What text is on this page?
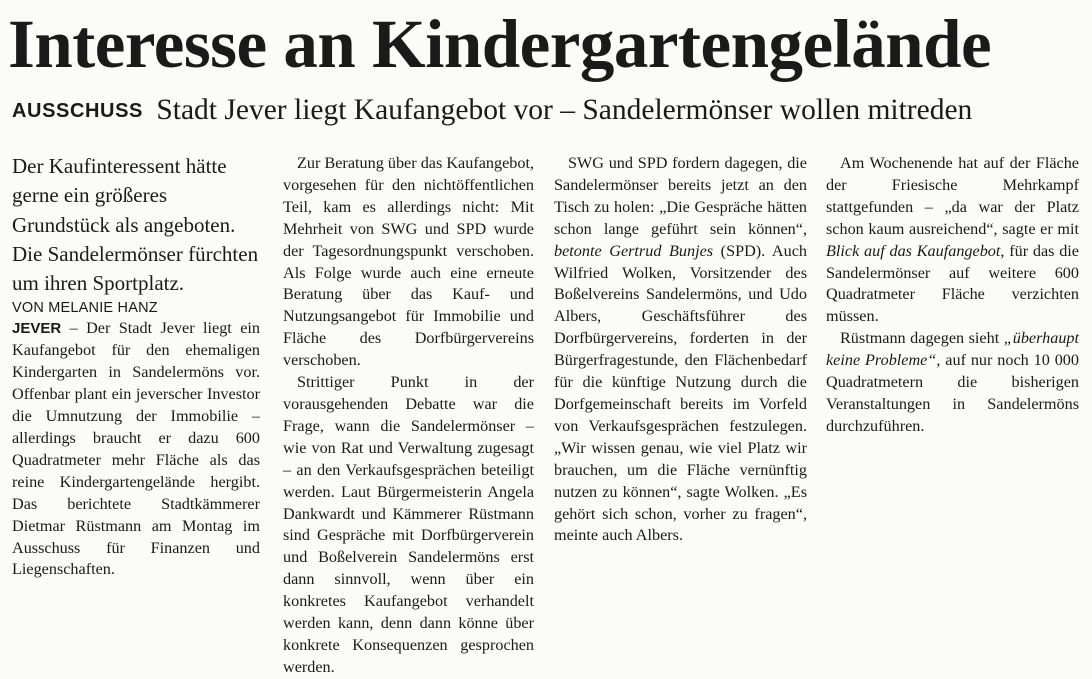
Interesse an Kindergartengelände
AUSSCHUSS Stadt Jever liegt Kaufangebot vor – Sandelermönser wollen mitreden

Der Kaufinteressent hätte gerne ein größeres Grundstück als angeboten. Die Sandelermönser fürchten um ihren Sportplatz.

VON MELANIE HANZ

JEVER – Der Stadt Jever liegt ein Kaufangebot für den ehemaligen Kindergarten in Sandelermöns vor. Offenbar plant ein jeverscher Investor die Umnutzung der Immobilie – allerdings braucht er dazu 600 Quadratmeter mehr Fläche als das reine Kindergartengelände hergibt. Das berichtete Stadtkämmerer Dietmar Rüstmann am Montag im Ausschuss für Finanzen und Liegenschaften.

Zur Beratung über das Kaufangebot, vorgesehen für den nichtöffentlichen Teil, kam es allerdings nicht: Mit Mehrheit von SWG und SPD wurde der Tagesordnungspunkt verschoben. Als Folge wurde auch eine erneute Beratung über das Kauf- und Nutzungsangebot für Immobilie und Fläche des Dorfbürgervereins verschoben.

Strittiger Punkt in der vorausgehenden Debatte war die Frage, wann die Sandelermönser – wie von Rat und Verwaltung zugesagt – an den Verkaufsgesprächen beteiligt werden. Laut Bürgermeisterin Angela Dankwardt und Kämmerer Rüstmann sind Gespräche mit Dorfbürgerverein und Boßelverein Sandelermöns erst dann sinnvoll, wenn über ein konkretes Kaufangebot verhandelt werden kann, denn dann könne über konkrete Konsequenzen gesprochen werden.

SWG und SPD fordern dagegen, die Sandelermönser bereits jetzt an den Tisch zu holen: „Die Gespräche hätten schon lange geführt sein können“, betonte Gertrud Bunjes (SPD). Auch Wilfried Wolken, Vorsitzender des Boßelvereins Sandelermöns, und Udo Albers, Geschäftsführer des Dorfbürgervereins, forderten in der Bürgerfragestunde, den Flächenbedarf für die künftige Nutzung durch die Dorfgemeinschaft bereits im Vorfeld von Verkaufsgesprächen festzulegen. „Wir wissen genau, wie viel Platz wir brauchen, um die Fläche vernünftig nutzen zu können“, sagte Wolken. „Es gehört sich schon, vorher zu fragen“, meinte auch Albers.

Am Wochenende hat auf der Fläche der Friesische Mehrkampf stattgefunden – „da war der Platz schon kaum ausreichend“, sagte er mit Blick auf das Kaufangebot, für das die Sandelermönser auf weitere 600 Quadratmeter Fläche verzichten müssen.

Rüstmann dagegen sieht „überhaupt keine Probleme“, auf nur noch 10 000 Quadratmetern die bisherigen Veranstaltungen in Sandelermöns durchzuführen.
